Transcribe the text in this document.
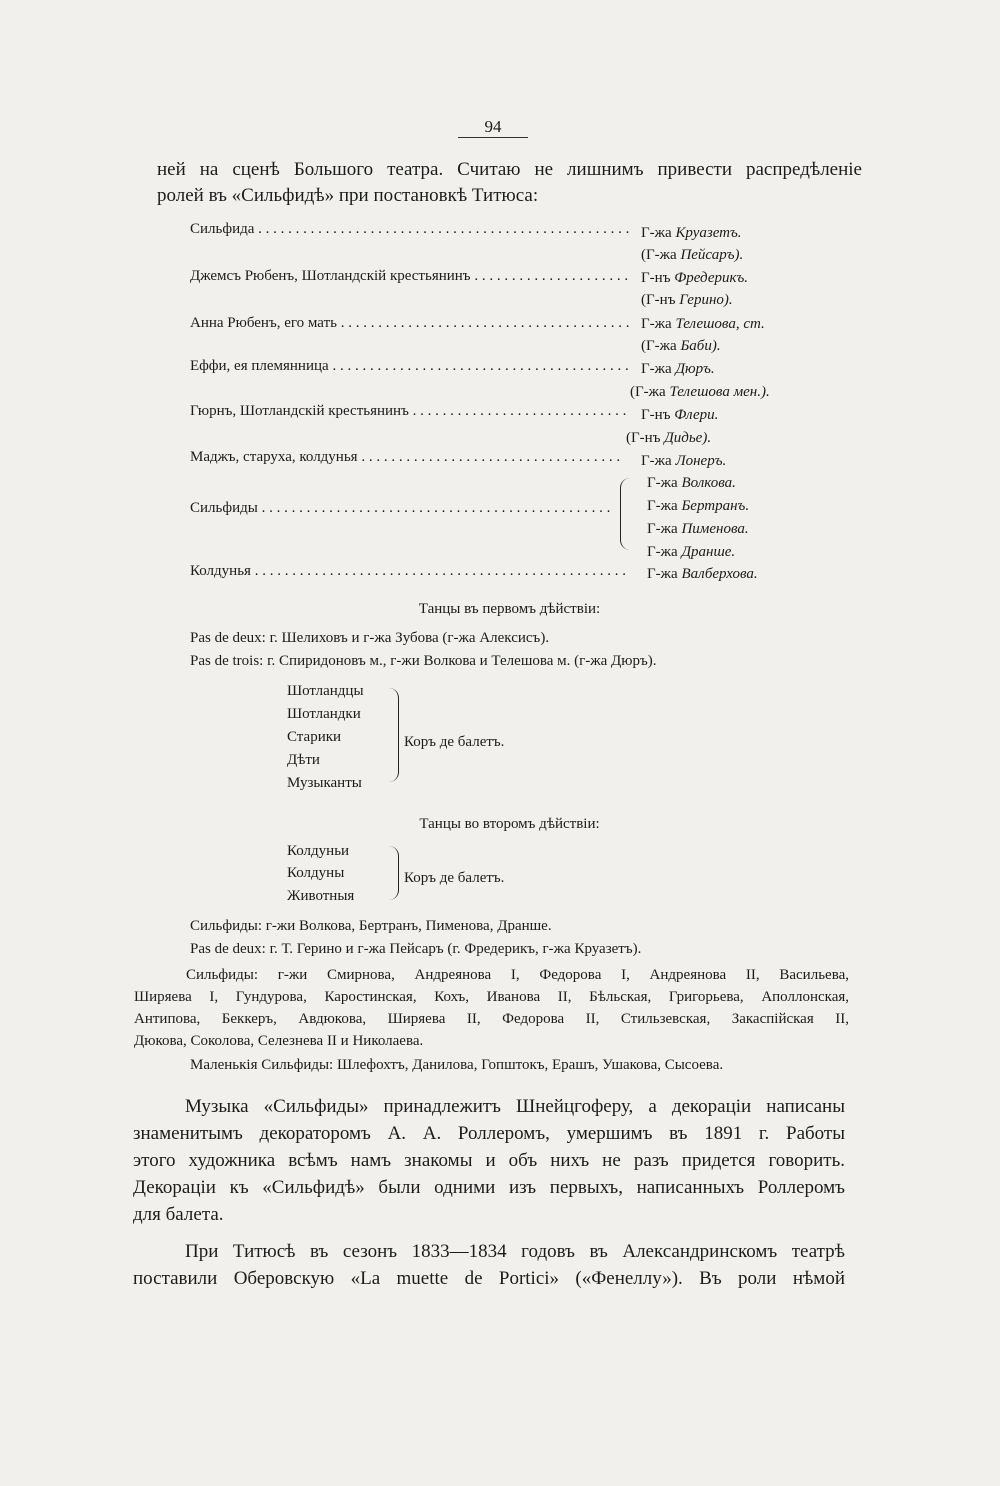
94
ней на сценѣ Большого театра. Считаю не лишнимъ привести распредѣленіе
ролей въ «Сильфидѣ» при постановкѣ Титюса:
Сильфида . . .	Г-жа Круазетъ.
(Г-жа Пейсаръ).
Джемсъ Рюбенъ, Шотландскій крестьянинъ . . .	Г-нъ Фредерикъ.
(Г-нъ Герино).
Анна Рюбенъ, его мать . . .	Г-жа Телешова, ст.
(Г-жа Баби).
Еффи, ея племянница . . .	Г-жа Дюръ.
(Г-жа Телешова мен.).
Гюрнъ, Шотландскій крестьянинъ . . .	Г-нъ Флери.
(Г-нъ Дидье).
Маджъ, старуха, колдунья . . .	Г-жа Лонеръ.
Сильфиды . . .
Г-жа Волкова.
Г-жа Бертранъ.
Г-жа Пименова.
Г-жа Драншe.
Колдунья . . .	Г-жа Валберхова.
Танцы въ первомъ дѣйствіи:
Pas de deux: г. Шелиховъ и г-жа Зубова (г-жа Алексисъ).
Pas de trois: г. Спиридоновъ м., г-жи Волкова и Телешова м. (г-жа Дюръ).
Шотландцы
Шотландки
Старики
Дѣти
Музыканты
Коръ де балетъ.
Танцы во второмъ дѣйствіи:
Колдуньи
Колдуны
Животныя
Коръ де балетъ.
Сильфиды: г-жи Волкова, Бертранъ, Пименова, Драншe.
Pas de deux: г. Т. Герино и г-жа Пейсаръ (г. Фредерикъ, г-жа Круазетъ).
Сильфиды: г-жи Смирнова, Андреянова I, Федорова I, Андреянова II, Васильева,
Ширяева I, Гундурова, Каростинская, Кохъ, Иванова II, Бѣльская, Григорьева, Аполлонская,
Антипова, Беккеръ, Авдюкова, Ширяева II, Федорова II, Стильзевская, Закаспійская II,
Дюкова, Соколова, Селезнева II и Николаева.
Маленькія Сильфиды: Шлефохтъ, Данилова, Гопштокъ, Ерашъ, Ушакова, Сысоева.
Музыка «Сильфиды» принадлежитъ Шнейцгоферу, а декораціи написаны
знаменитымъ декораторомъ А. А. Роллеромъ, умершимъ въ 1891 г. Работы
этого художника всѣмъ намъ знакомы и объ нихъ не разъ придется говорить.
Декораціи къ «Сильфидѣ» были одними изъ первыхъ, написанныхъ Роллеромъ
для балета.
При Титюсѣ въ сезонъ 1833—1834 годовъ въ Александринскомъ театрѣ
поставили Оберовскую «La muette de Portici» («Фенеллу»). Въ роли нѣмой
